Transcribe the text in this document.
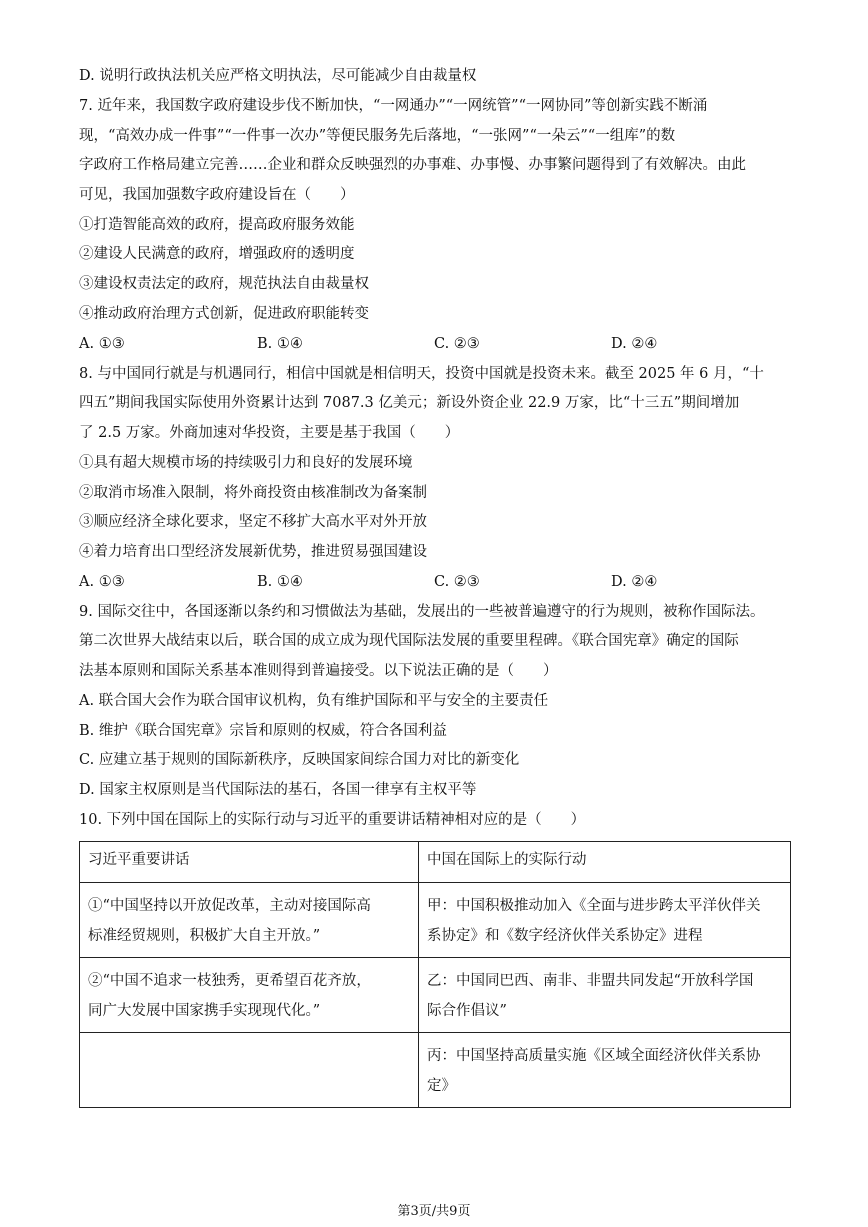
D. 说明行政执法机关应严格文明执法，尽可能减少自由裁量权
7. 近年来，我国数字政府建设步伐不断加快，“一网通办”“一网统管”“一网协同”等创新实践不断涌
现，“高效办成一件事”“一件事一次办”等便民服务先后落地，“一张网”“一朵云”“一组库”的数
字政府工作格局建立完善……企业和群众反映强烈的办事难、办事慢、办事繁问题得到了有效解决。由此
可见，我国加强数字政府建设旨在（　　）
①打造智能高效的政府，提高政府服务效能
②建设人民满意的政府，增强政府的透明度
③建设权责法定的政府，规范执法自由裁量权
④推动政府治理方式创新，促进政府职能转变
A. ①③	B. ①④	C. ②③	D. ②④
8. 与中国同行就是与机遇同行，相信中国就是相信明天，投资中国就是投资未来。截至 2025 年 6 月，“十
四五”期间我国实际使用外资累计达到 7087.3 亿美元；新设外资企业 22.9 万家，比“十三五”期间增加
了 2.5 万家。外商加速对华投资，主要是基于我国（　　）
①具有超大规模市场的持续吸引力和良好的发展环境
②取消市场准入限制，将外商投资由核准制改为备案制
③顺应经济全球化要求，坚定不移扩大高水平对外开放
④着力培育出口型经济发展新优势，推进贸易强国建设
A. ①③	B. ①④	C. ②③	D. ②④
9. 国际交往中，各国逐渐以条约和习惯做法为基础，发展出的一些被普遍遵守的行为规则，被称作国际法。
第二次世界大战结束以后，联合国的成立成为现代国际法发展的重要里程碑。《联合国宪章》确定的国际
法基本原则和国际关系基本准则得到普遍接受。以下说法正确的是（　　）
A. 联合国大会作为联合国审议机构，负有维护国际和平与安全的主要责任
B. 维护《联合国宪章》宗旨和原则的权威，符合各国利益
C. 应建立基于规则的国际新秩序，反映国家间综合国力对比的新变化
D. 国家主权原则是当代国际法的基石，各国一律享有主权平等
10. 下列中国在国际上的实际行动与习近平的重要讲话精神相对应的是（　　）
习近平重要讲话	中国在国际上的实际行动
①“中国坚持以开放促改革，主动对接国际高
标准经贸规则，积极扩大自主开放。”	甲：中国积极推动加入《全面与进步跨太平洋伙伴关
系协定》和《数字经济伙伴关系协定》进程
②“中国不追求一枝独秀，更希望百花齐放，
同广大发展中国家携手实现现代化。”	乙：中国同巴西、南非、非盟共同发起“开放科学国
际合作倡议”
	丙：中国坚持高质量实施《区域全面经济伙伴关系协
定》
第3页/共9页
